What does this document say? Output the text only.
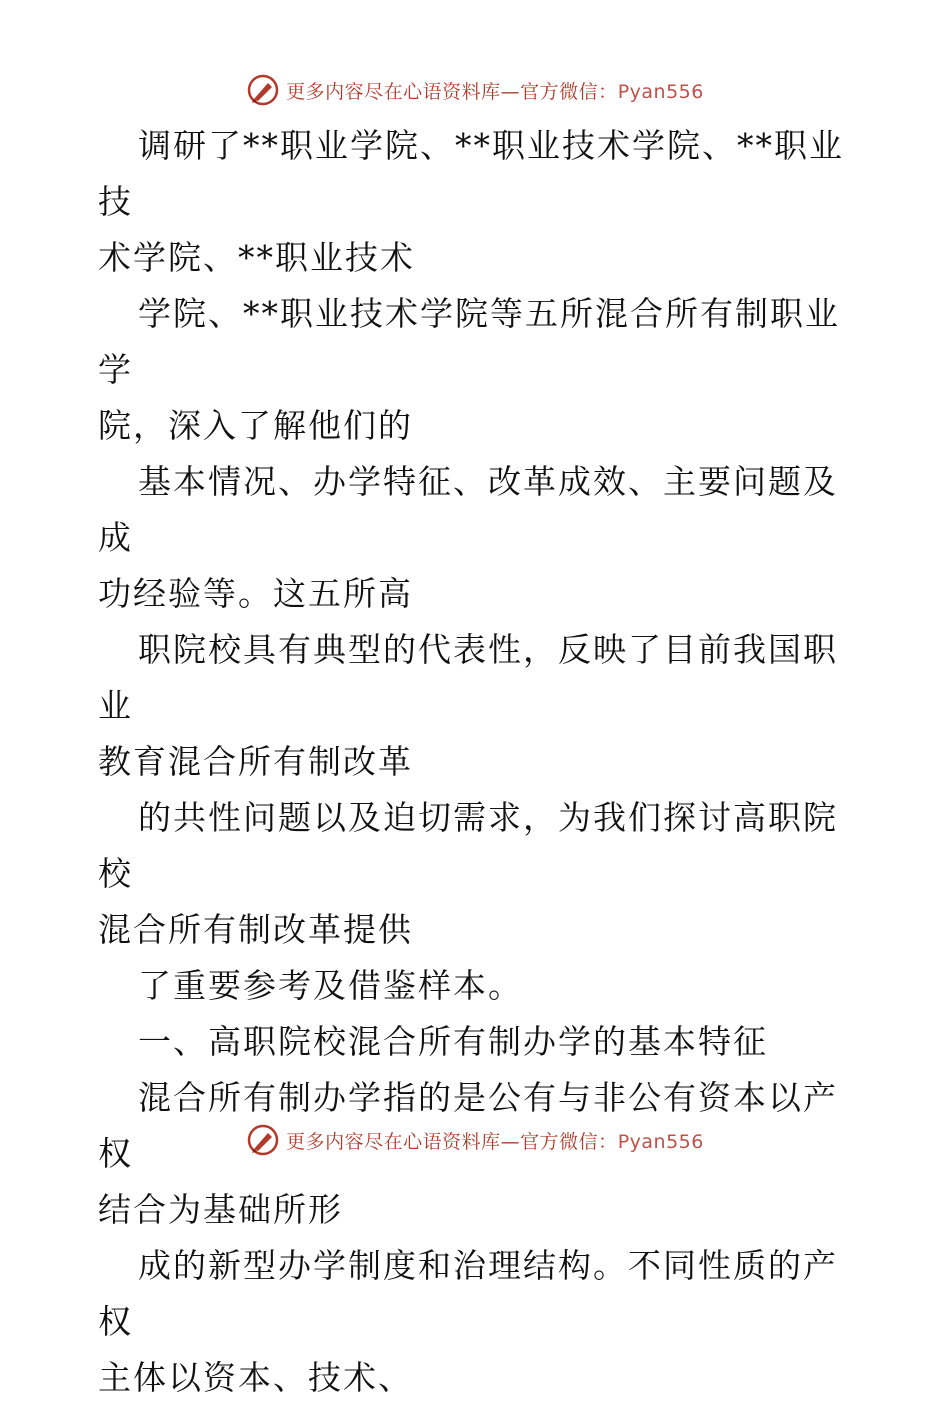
更多内容尽在心语资料库—官方微信：Pyan556

调研了**职业学院、**职业技术学院、**职业技
术学院、**职业技术

学院、**职业技术学院等五所混合所有制职业学
院，深入了解他们的

基本情况、办学特征、改革成效、主要问题及成
功经验等。这五所高

职院校具有典型的代表性，反映了目前我国职业
教育混合所有制改革

的共性问题以及迫切需求，为我们探讨高职院校
混合所有制改革提供

了重要参考及借鉴样本。

一、高职院校混合所有制办学的基本特征

混合所有制办学指的是公有与非公有资本以产权
结合为基础所形

成的新型办学制度和治理结构。不同性质的产权
主体以资本、技术、

更多内容尽在心语资料库—官方微信：Pyan556
